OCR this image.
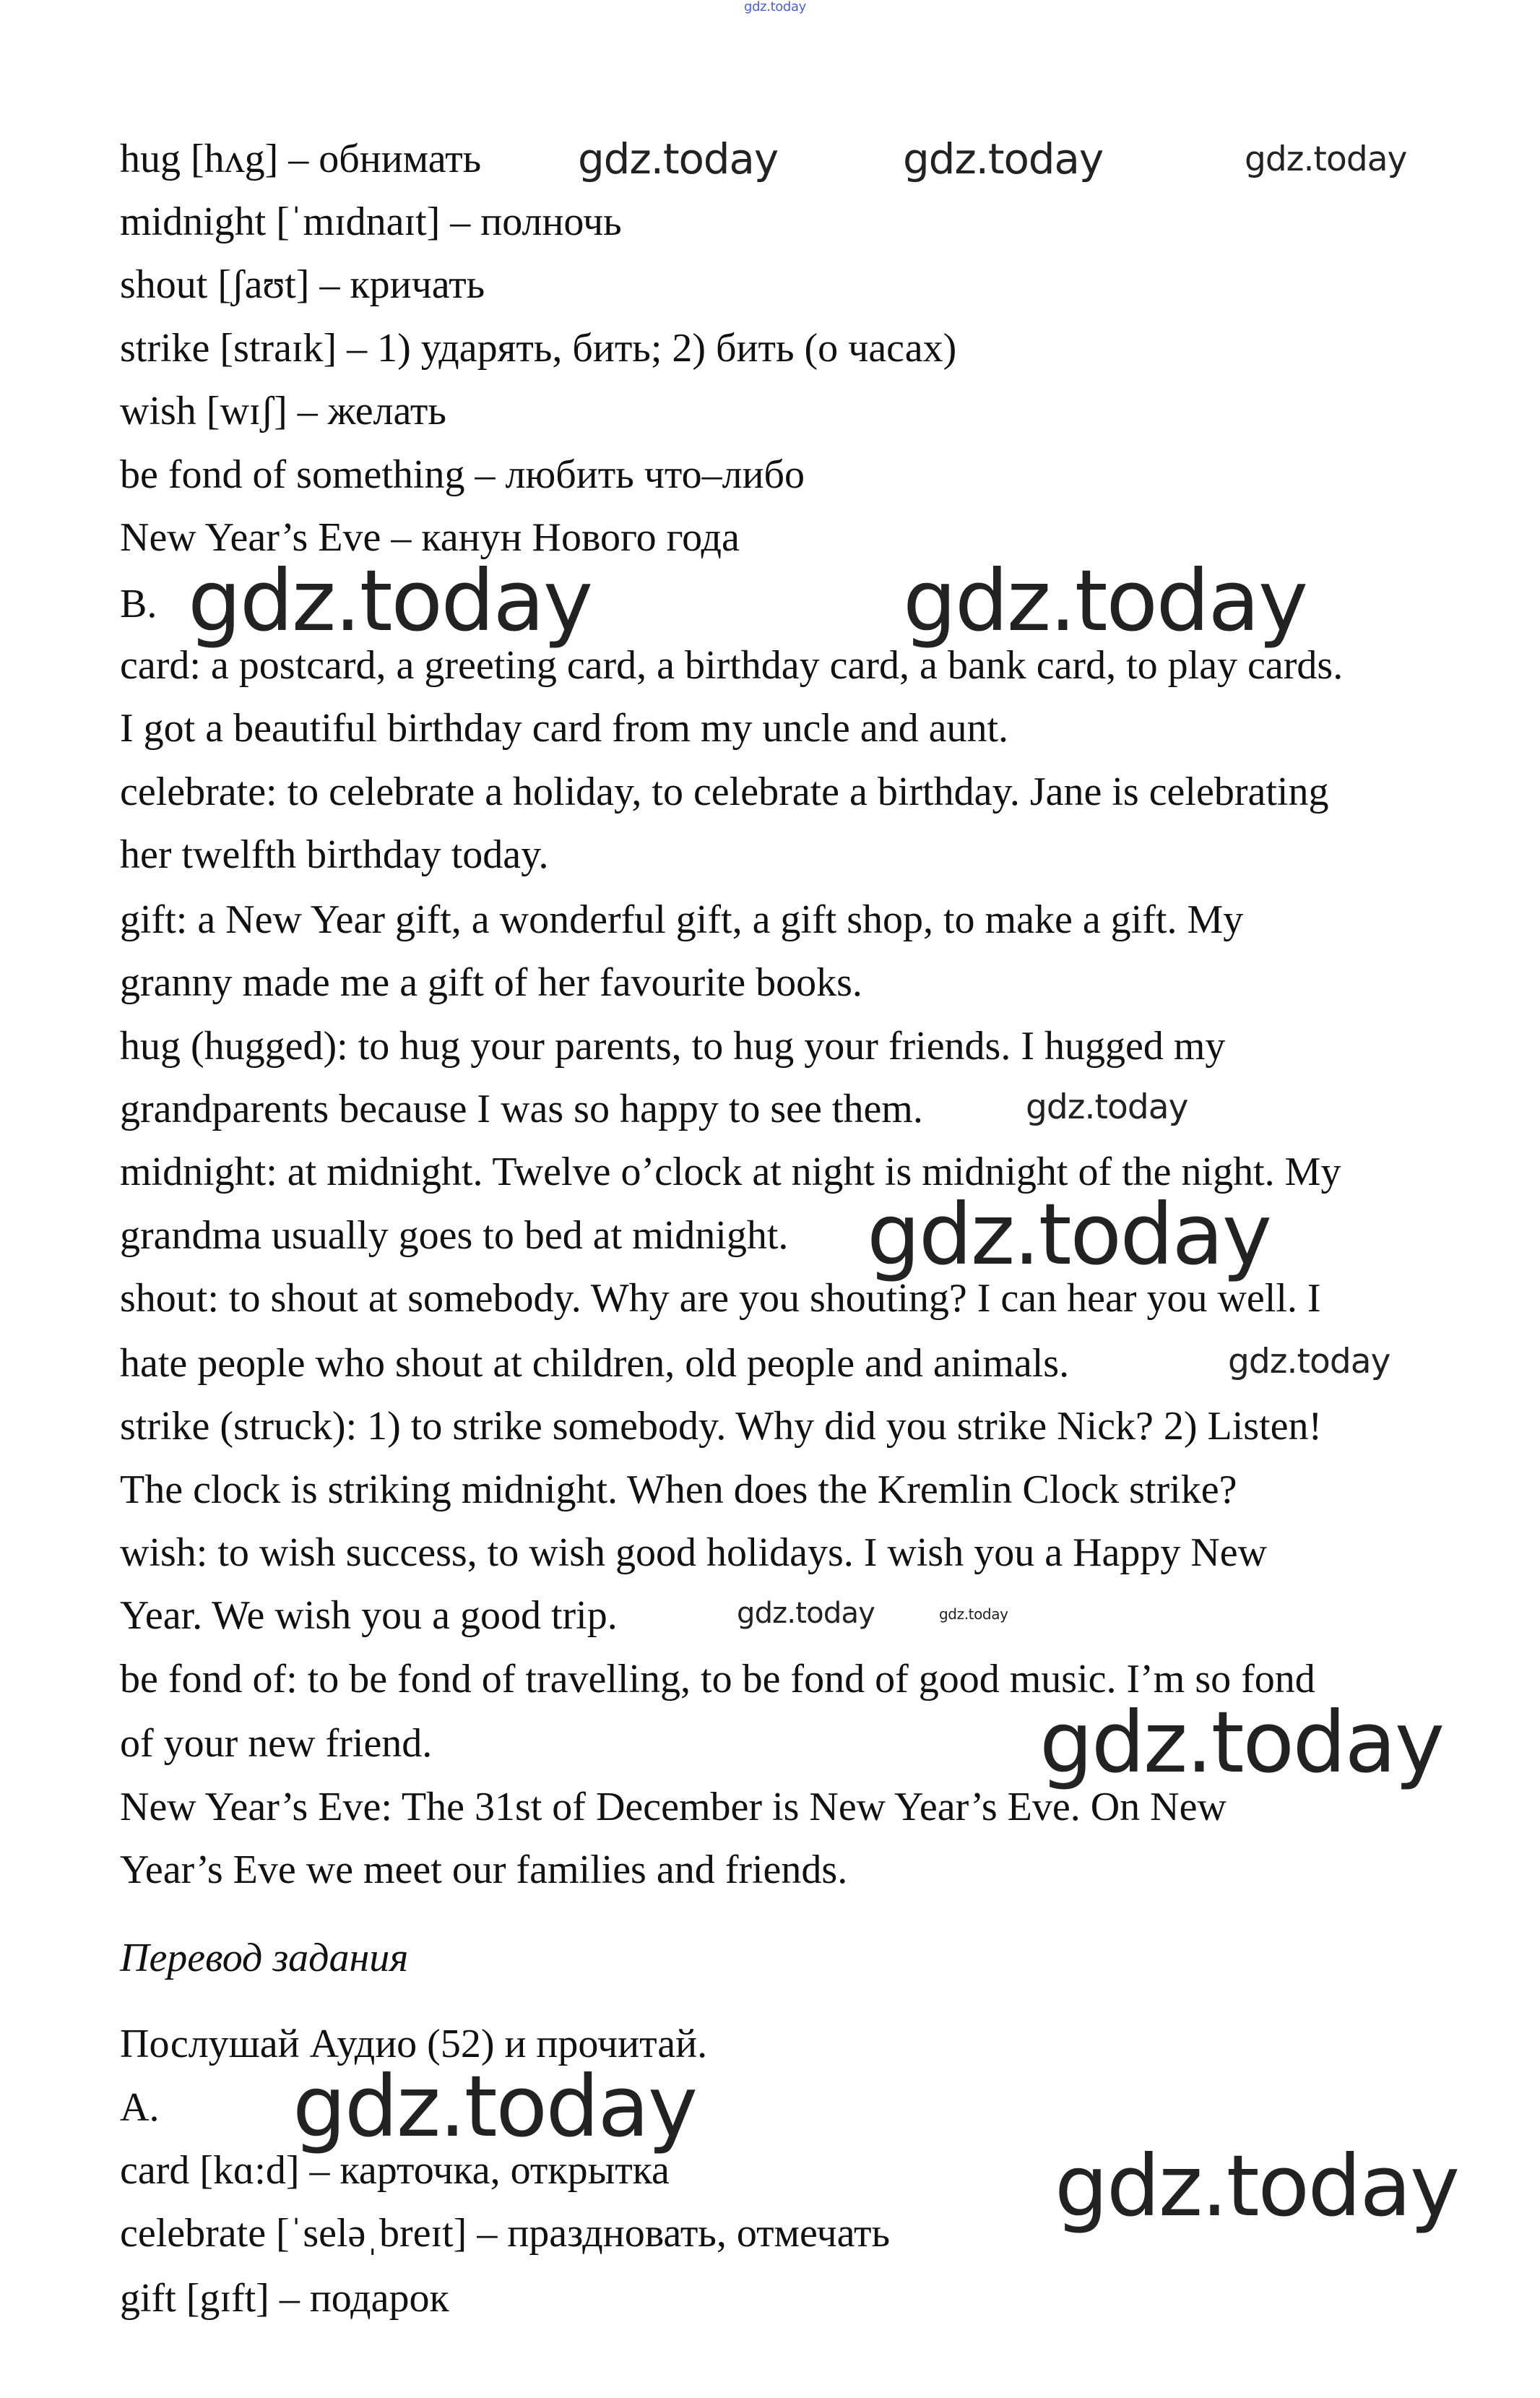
hug [hʌg] – обнимать
midnight [ˈmɪdnaɪt] – полночь
shout [ʃaʊt] – кричать
strike [straɪk] – 1) ударять, бить; 2) бить (о часах)
wish [wɪʃ] – желать
be fond of something – любить что–либо
New Year’s Eve – канун Нового года
B.
card: a postcard, a greeting card, a birthday card, a bank card, to play cards.
I got a beautiful birthday card from my uncle and aunt.
celebrate: to celebrate a holiday, to celebrate a birthday. Jane is celebrating
her twelfth birthday today.
gift: a New Year gift, a wonderful gift, a gift shop, to make a gift. My
granny made me a gift of her favourite books.
hug (hugged): to hug your parents, to hug your friends. I hugged my
grandparents because I was so happy to see them.
midnight: at midnight. Twelve o’clock at night is midnight of the night. My
grandma usually goes to bed at midnight.
shout: to shout at somebody. Why are you shouting? I can hear you well. I
hate people who shout at children, old people and animals.
strike (struck): 1) to strike somebody. Why did you strike Nick? 2) Listen!
The clock is striking midnight. When does the Kremlin Clock strike?
wish: to wish success, to wish good holidays. I wish you a Happy New
Year. We wish you a good trip.
be fond of: to be fond of travelling, to be fond of good music. I’m so fond
of your new friend.
New Year’s Eve: The 31st of December is New Year’s Eve. On New
Year’s Eve we meet our families and friends.
Перевод задания
Послушай Аудио (52) и прочитай.
A.
card [kɑ:d] – карточка, открытка
celebrate [ˈseləˌbreɪt] – праздновать, отмечать
gift [gɪft] – подарок
gdz.today
gdz.today	gdz.today	gdz.today
gdz.today	gdz.today
gdz.today
gdz.today
gdz.today
gdz.today	gdz.today
gdz.today
gdz.today
gdz.today
